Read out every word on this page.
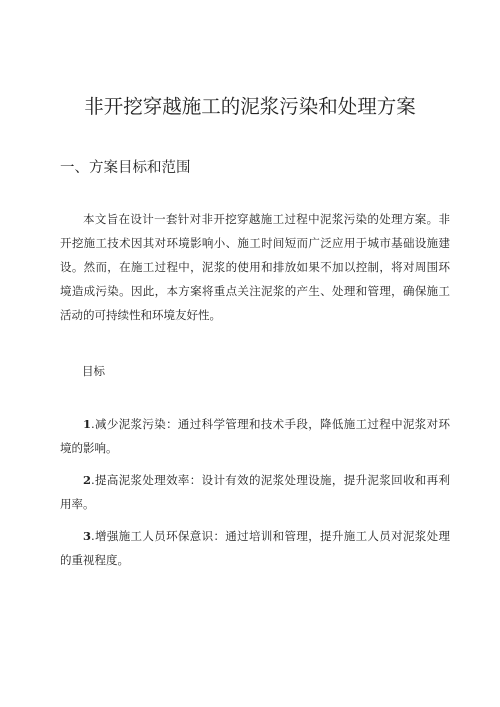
非开挖穿越施工的泥浆污染和处理方案
一、方案目标和范围

本文旨在设计一套针对非开挖穿越施工过程中泥浆污染的处理方案。非开挖施工技术因其对环境影响小、施工时间短而广泛应用于城市基础设施建设。然而，在施工过程中，泥浆的使用和排放如果不加以控制，将对周围环境造成污染。因此，本方案将重点关注泥浆的产生、处理和管理，确保施工活动的可持续性和环境友好性。

目标

1.减少泥浆污染：通过科学管理和技术手段，降低施工过程中泥浆对环境的影响。

2.提高泥浆处理效率：设计有效的泥浆处理设施，提升泥浆回收和再利用率。

3.增强施工人员环保意识：通过培训和管理，提升施工人员对泥浆处理的重视程度。
